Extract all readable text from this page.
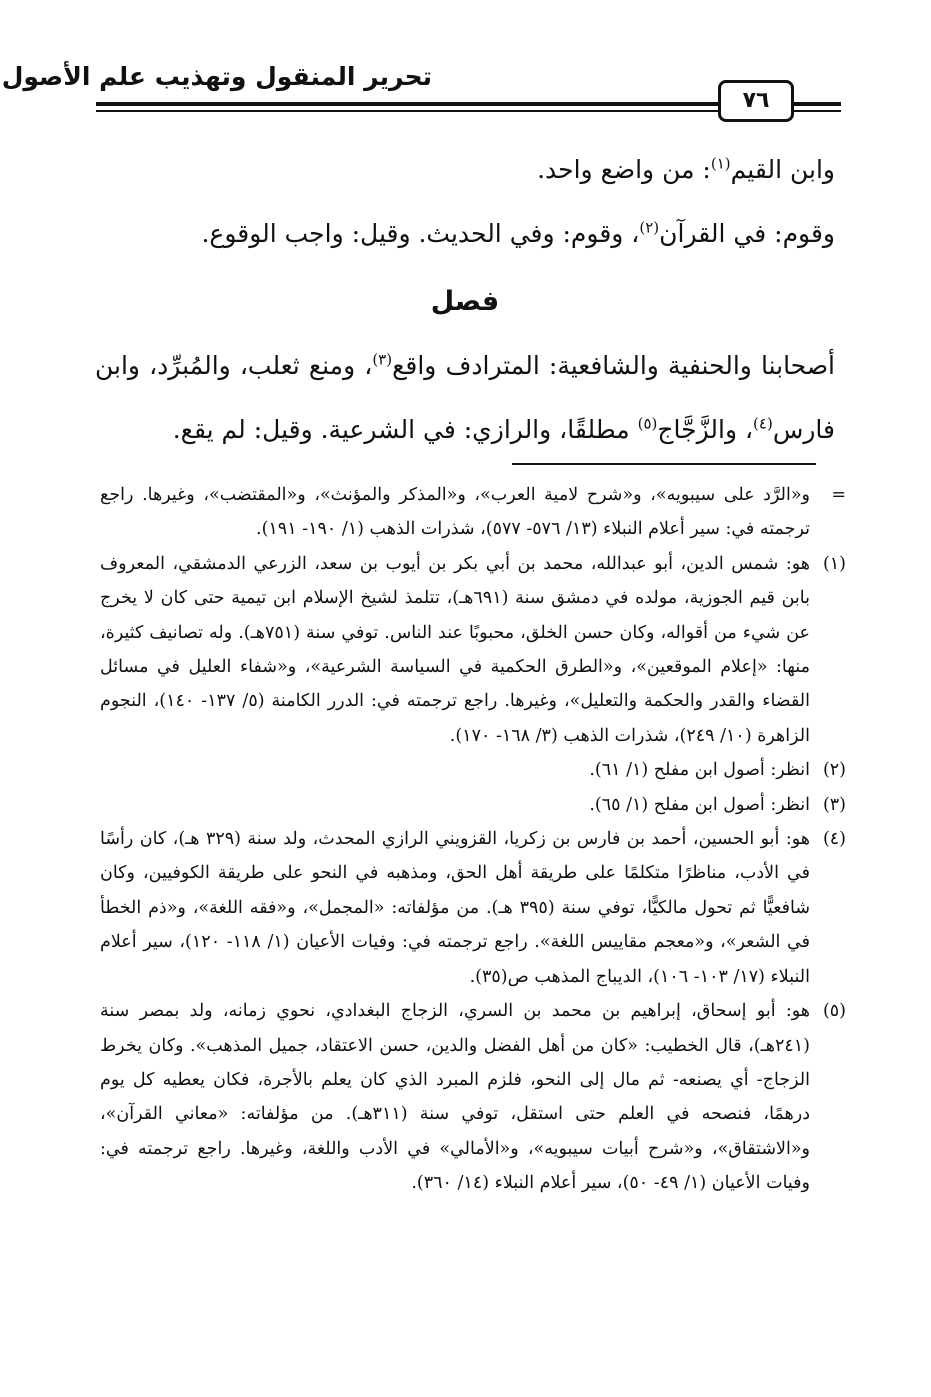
تحرير المنقول وتهذيب علم الأصول
٧٦

وابن القيم$^{(١)}$: من واضع واحد.

وقوم: في القرآن$^{(٢)}$، وقوم: وفي الحديث. وقيل: واجب الوقوع.

فصل

أصحابنا والحنفية والشافعية: المترادف واقع$^{(٣)}$، ومنع ثعلب، والمُبرِّد، وابن فارس$^{(٤)}$، والزَّجَّاج$^{(٥)}$ مطلقًا، والرازي: في الشرعية. وقيل: لم يقع.

=
و«الرَّد على سيبويه»، و«شرح لامية العرب»، و«المذكر والمؤنث»، و«المقتضب»، وغيرها. راجع ترجمته في: سير أعلام النبلاء (١٣/ ٥٧٦- ٥٧٧)، شذرات الذهب (١/ ١٩٠- ١٩١).
(١)
هو: شمس الدين، أبو عبدالله، محمد بن أبي بكر بن أيوب بن سعد، الزرعي الدمشقي، المعروف بابن قيم الجوزية، مولده في دمشق سنة (٦٩١هـ)، تتلمذ لشيخ الإسلام ابن تيمية حتى كان لا يخرج عن شيء من أقواله، وكان حسن الخلق، محبوبًا عند الناس. توفي سنة (٧٥١هـ). وله تصانيف كثيرة، منها: «إعلام الموقعين»، و«الطرق الحكمية في السياسة الشرعية»، و«شفاء العليل في مسائل القضاء والقدر والحكمة والتعليل»، وغيرها. راجع ترجمته في: الدرر الكامنة (٥/ ١٣٧- ١٤٠)، النجوم الزاهرة (١٠/ ٢٤٩)، شذرات الذهب (٣/ ١٦٨- ١٧٠).
(٢)
انظر: أصول ابن مفلح (١/ ٦١).
(٣)
انظر: أصول ابن مفلح (١/ ٦٥).
(٤)
هو: أبو الحسين، أحمد بن فارس بن زكريا، القزويني الرازي المحدث، ولد سنة (٣٢٩ هـ)، كان رأسًا في الأدب، مناظرًا متكلمًا على طريقة أهل الحق، ومذهبه في النحو على طريقة الكوفيين، وكان شافعيًّا ثم تحول مالكيًّا، توفي سنة (٣٩٥ هـ). من مؤلفاته: «المجمل»، و«فقه اللغة»، و«ذم الخطأ في الشعر»، و«معجم مقاييس اللغة». راجع ترجمته في: وفيات الأعيان (١/ ١١٨- ١٢٠)، سير أعلام النبلاء (١٧/ ١٠٣- ١٠٦)، الديباج المذهب ص(٣٥).
(٥)
هو: أبو إسحاق، إبراهيم بن محمد بن السري، الزجاج البغدادي، نحوي زمانه، ولد بمصر سنة (٢٤١هـ)، قال الخطيب: «كان من أهل الفضل والدين، حسن الاعتقاد، جميل المذهب». وكان يخرط الزجاج- أي يصنعه- ثم مال إلى النحو، فلزم المبرد الذي كان يعلم بالأجرة، فكان يعطيه كل يوم درهمًا، فنصحه في العلم حتى استقل، توفي سنة (٣١١هـ). من مؤلفاته: «معاني القرآن»، و«الاشتقاق»، و«شرح أبيات سيبويه»، و«الأمالي» في الأدب واللغة، وغيرها. راجع ترجمته في: وفيات الأعيان (١/ ٤٩- ٥٠)، سير أعلام النبلاء (١٤/ ٣٦٠).
